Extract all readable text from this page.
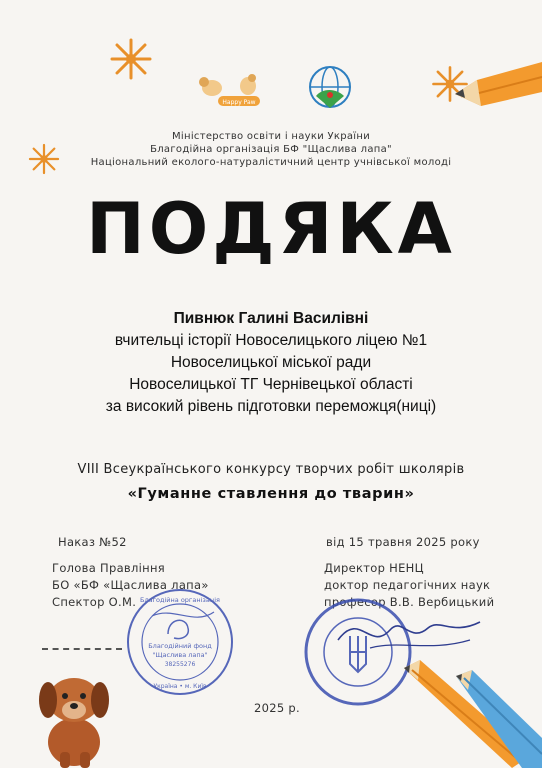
Happy Paw
Міністерство освіти і науки України
Благодійна організація БФ "Щаслива лапа"
Національний еколого-натуралістичний центр учнівської молоді
ПОДЯКА
Пивнюк Галині Василівні
вчительці історії Новоселицького ліцею №1
Новоселицької міської ради
Новоселицької ТГ Чернівецької області
за високий рівень підготовки переможця(ниці)
VIII Всеукраїнського конкурсу творчих робіт школярів
«Гуманне ставлення до тварин»
Наказ №52	від 15 травня 2025 року
Голова Правління
БО «БФ «Щаслива лапа»
Спектор О.М.
Директор НЕНЦ
доктор педагогічних наук
професор В.В. Вербицький
Благодійна організація
Благодійний фонд
"Щаслива лапа"
38255276
Україна • м. Київ
2025 р.
